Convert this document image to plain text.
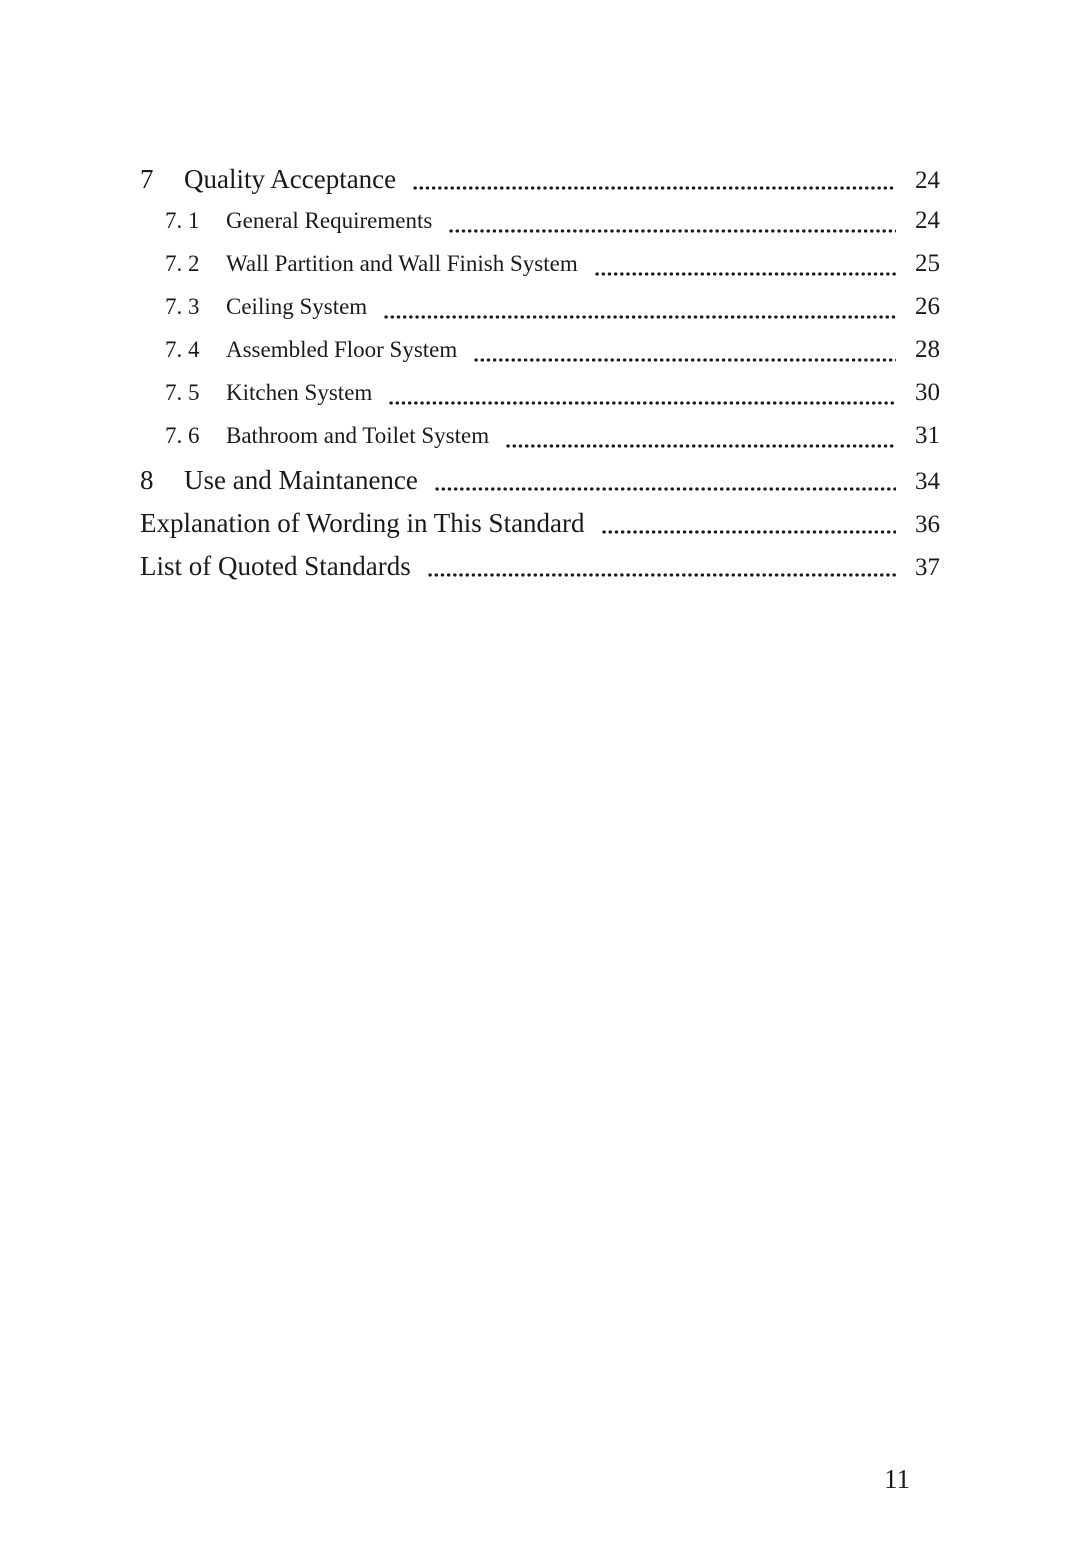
7	Quality Acceptance	24
7. 1	General Requirements	24
7. 2	Wall Partition and Wall Finish System	25
7. 3	Ceiling System	26
7. 4	Assembled Floor System	28
7. 5	Kitchen System	30
7. 6	Bathroom and Toilet System	31
8	Use and Maintanence	34
Explanation of Wording in This Standard	36
List of Quoted Standards	37
11
